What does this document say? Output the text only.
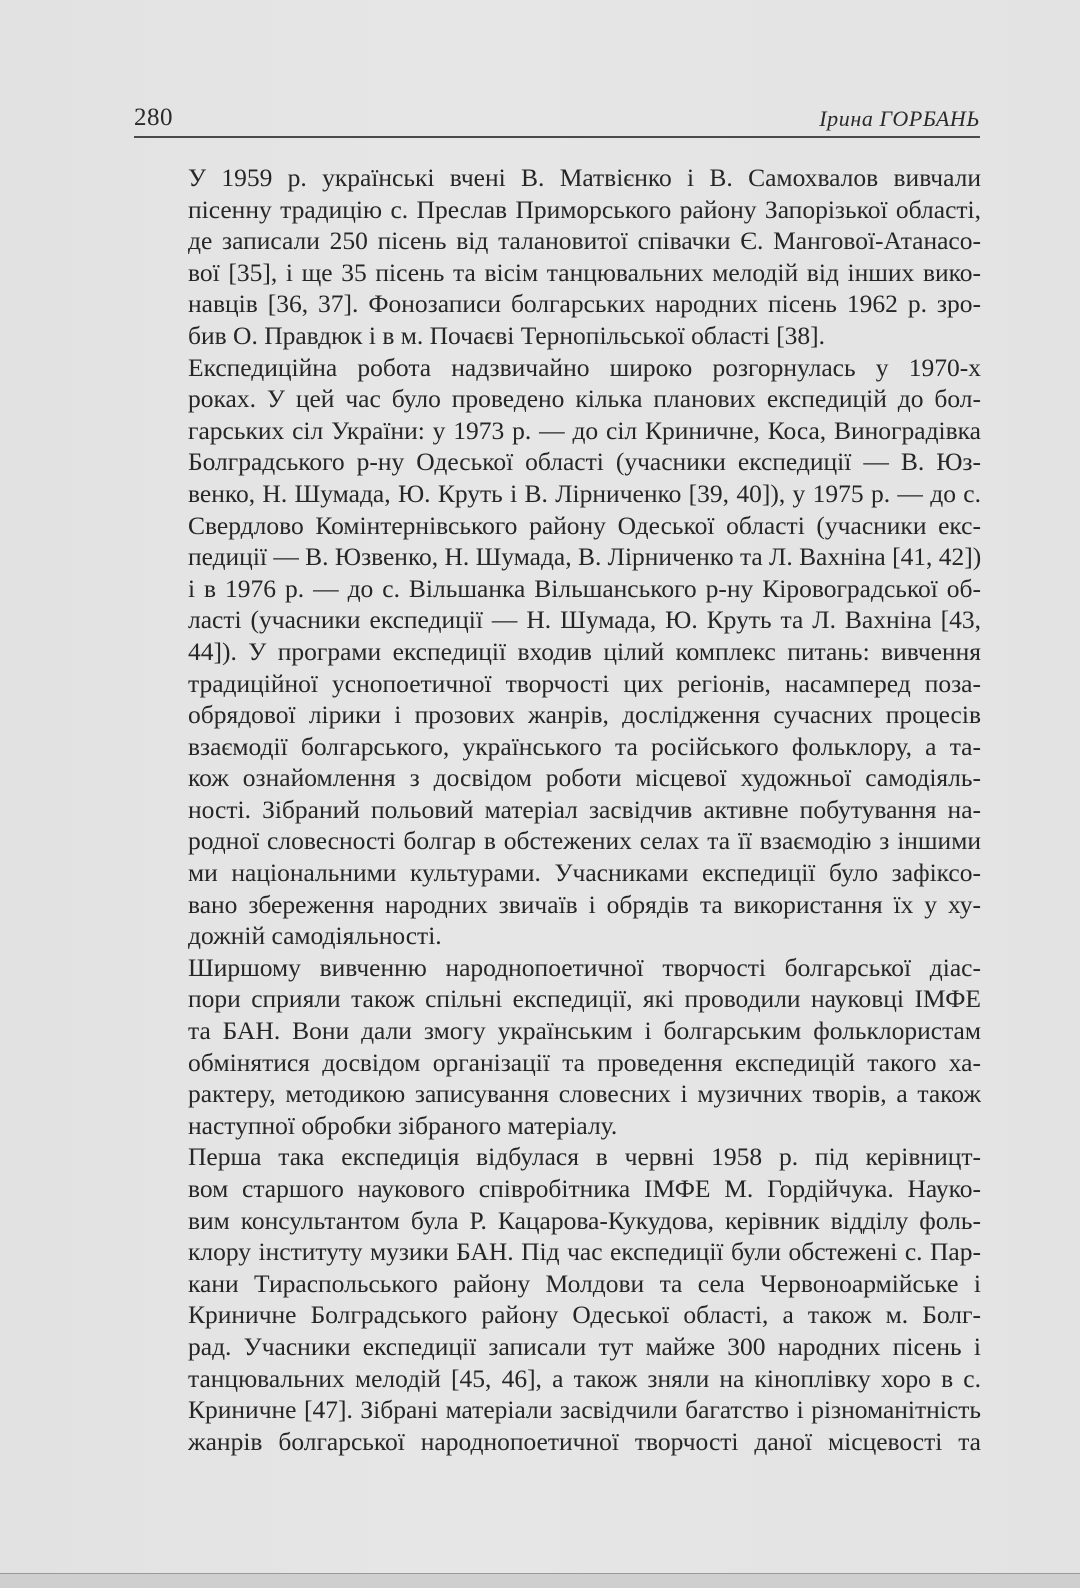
280	Ірина ГОРБАНЬ

У 1959 р. українські вчені В. Матвієнко і В. Самохвалов вивчали
пісенну традицію с. Преслав Приморського району Запорізької області,
де записали 250 пісень від талановитої співачки Є. Мангової-Атанасо-
вої [35], і ще 35 пісень та вісім танцювальних мелодій від інших вико-
навців [36, 37]. Фонозаписи болгарських народних пісень 1962 р. зро-
бив О. Правдюк і в м. Почаєві Тернопільської області [38].

Експедиційна робота надзвичайно широко розгорнулась у 1970-х
роках. У цей час було проведено кілька планових експедицій до бол-
гарських сіл України: у 1973 р. — до сіл Криничне, Коса, Виноградівка
Болградського р-ну Одеської області (учасники експедиції — В. Юз-
венко, Н. Шумада, Ю. Круть і В. Лірниченко [39, 40]), у 1975 р. — до с.
Свердлово Комінтернівського району Одеської області (учасники екс-
педиції — В. Юзвенко, Н. Шумада, В. Лірниченко та Л. Вахніна [41, 42])
і в 1976 р. — до с. Вільшанка Вільшанського р-ну Кіровоградської об-
ласті (учасники експедиції — Н. Шумада, Ю. Круть та Л. Вахніна [43,
44]). У програми експедиції входив цілий комплекс питань: вивчення
традиційної уснопоетичної творчості цих регіонів, насамперед поза-
обрядової лірики і прозових жанрів, дослідження сучасних процесів
взаємодії болгарського, українського та російського фольклору, а та-
кож ознайомлення з досвідом роботи місцевої художньої самодіяль-
ності. Зібраний польовий матеріал засвідчив активне побутування на-
родної словесності болгар в обстежених селах та її взаємодію з іншими
ми національними культурами. Учасниками експедиції було зафіксо-
вано збереження народних звичаїв і обрядів та використання їх у ху-
дожній самодіяльності.

Ширшому вивченню народнопоетичної творчості болгарської діас-
пори сприяли також спільні експедиції, які проводили науковці ІМФЕ
та БАН. Вони дали змогу українським і болгарським фольклористам
обмінятися досвідом організації та проведення експедицій такого ха-
рактеру, методикою записування словесних і музичних творів, а також
наступної обробки зібраного матеріалу.

Перша така експедиція відбулася в червні 1958 р. під керівницт-
вом старшого наукового співробітника ІМФЕ М. Гордійчука. Науко-
вим консультантом була Р. Кацарова-Кукудова, керівник відділу фоль-
клору інституту музики БАН. Під час експедиції були обстежені с. Пар-
кани Тираспольського району Молдови та села Червоноармійське і
Криничне Болградського району Одеської області, а також м. Болг-
рад. Учасники експедиції записали тут майже 300 народних пісень і
танцювальних мелодій [45, 46], а також зняли на кіноплівку хоро в с.
Криничне [47]. Зібрані матеріали засвідчили багатство і різноманітність
жанрів болгарської народнопоетичної творчості даної місцевості та
